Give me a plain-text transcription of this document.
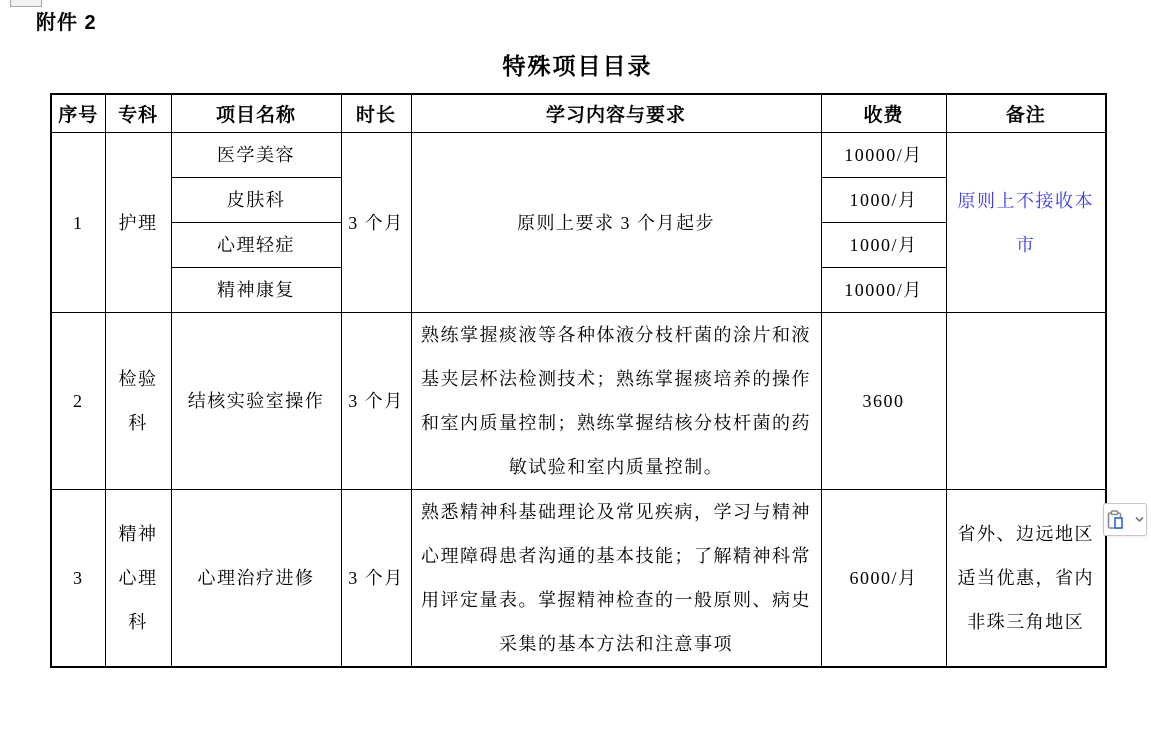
附件 2
特殊项目目录
序号	专科	项目名称	时长	学习内容与要求	收费	备注
1	护理	医学美容	3 个月	原则上要求 3 个月起步	10000/月	原则上不接收本市
		皮肤科			1000/月	
		心理轻症			1000/月	
		精神康复			10000/月	
2	检验科	结核实验室操作	3 个月	熟练掌握痰液等各种体液分枝杆菌的涂片和液基夹层杯法检测技术；熟练掌握痰培养的操作和室内质量控制；熟练掌握结核分枝杆菌的药敏试验和室内质量控制。	3600	
3	精神心理科	心理治疗进修	3 个月	熟悉精神科基础理论及常见疾病，学习与精神心理障碍患者沟通的基本技能；了解精神科常用评定量表。掌握精神检查的一般原则、病史采集的基本方法和注意事项	6000/月	省外、边远地区适当优惠，省内非珠三角地区
